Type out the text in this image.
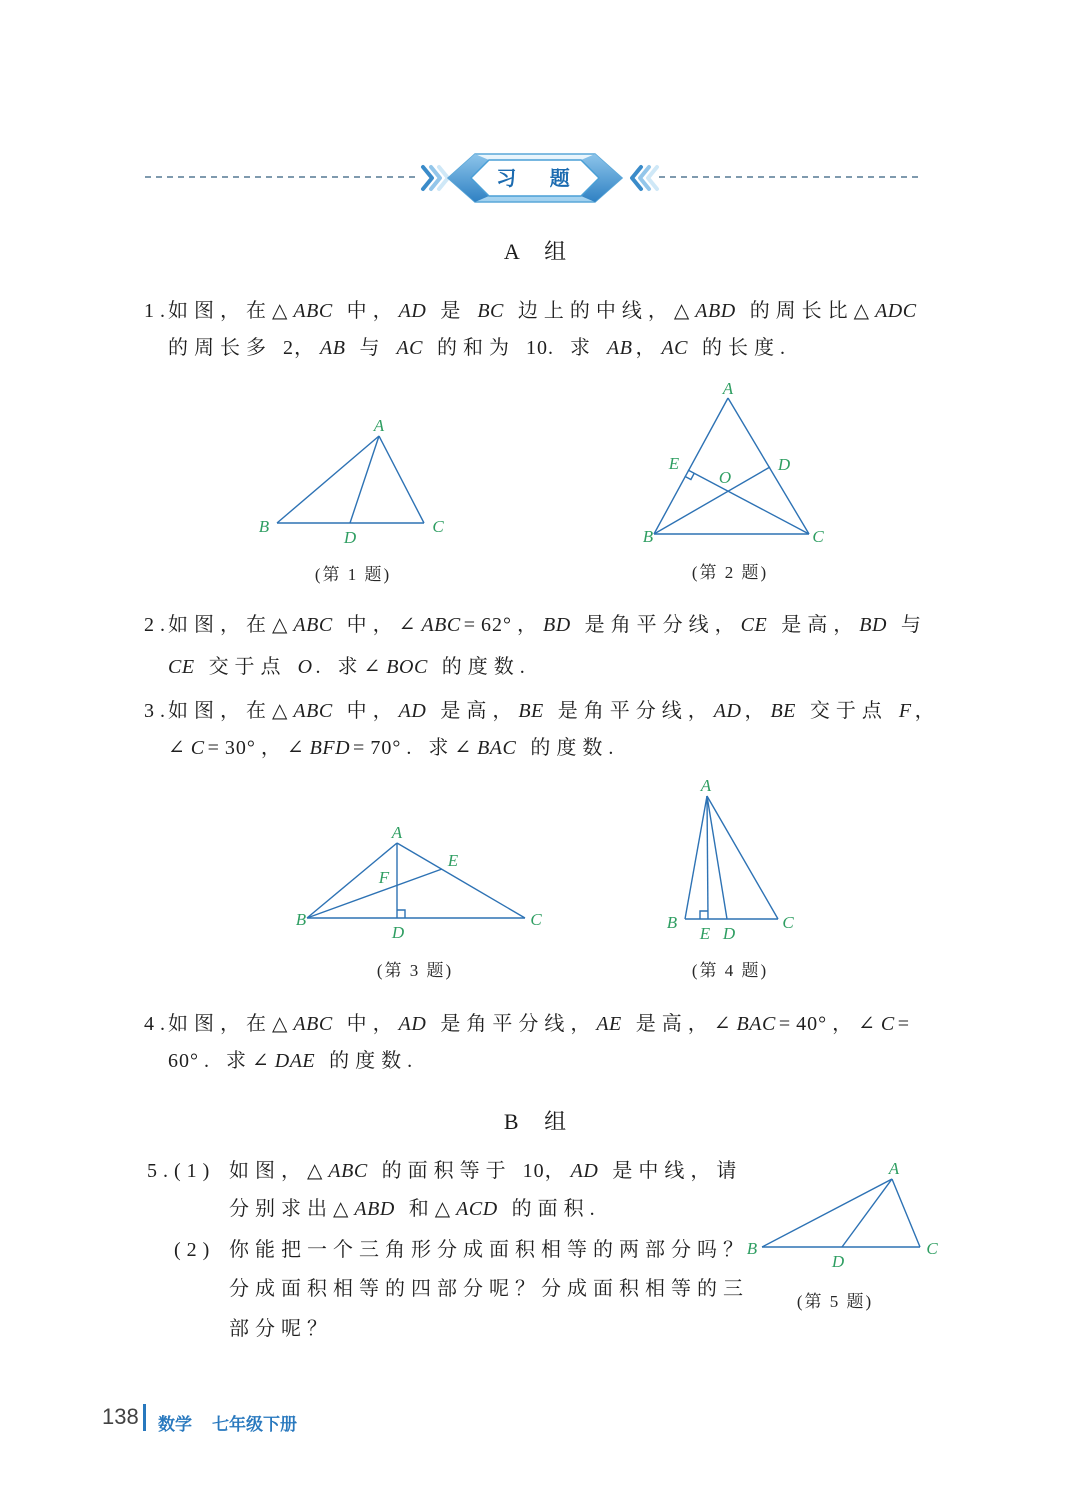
习 题
A 组
1.
如图，在△ABC 中，AD 是 BC 边上的中线，△ABD 的周长比△ADC
的周长多 2，AB 与 AC 的和为 10. 求 AB ，AC 的长度.
A
B	C
D
(第 1 题)
A
B	C
D
E
O
(第 2 题)
2.
如图，在△ABC 中，∠ABC =62°，BD 是角平分线，CE 是高，BD 与
CE 交于点 O . 求∠BOC 的度数.
3.
如图，在△ABC 中，AD 是高，BE 是角平分线，AD ，BE 交于点 F ，
∠C =30°，∠BFD =70°. 求∠BAC 的度数.
A
B	C
D
E
F
(第 3 题)
A
B	C
E D
(第 4 题)
4.
如图，在△ABC 中，AD 是角平分线，AE 是高，∠BAC =40°，∠C =
60°. 求∠DAE 的度数.
B 组
5. (1) 如图，△ABC 的面积等于 10，AD 是中线，请
分别求出△ABD 和△ACD 的面积.
(2) 你能把一个三角形分成面积相等的两部分吗？
分成面积相等的四部分呢？分成面积相等的三
部分呢？
A
B	C
D
(第 5 题)
138 数学 七年级下册
